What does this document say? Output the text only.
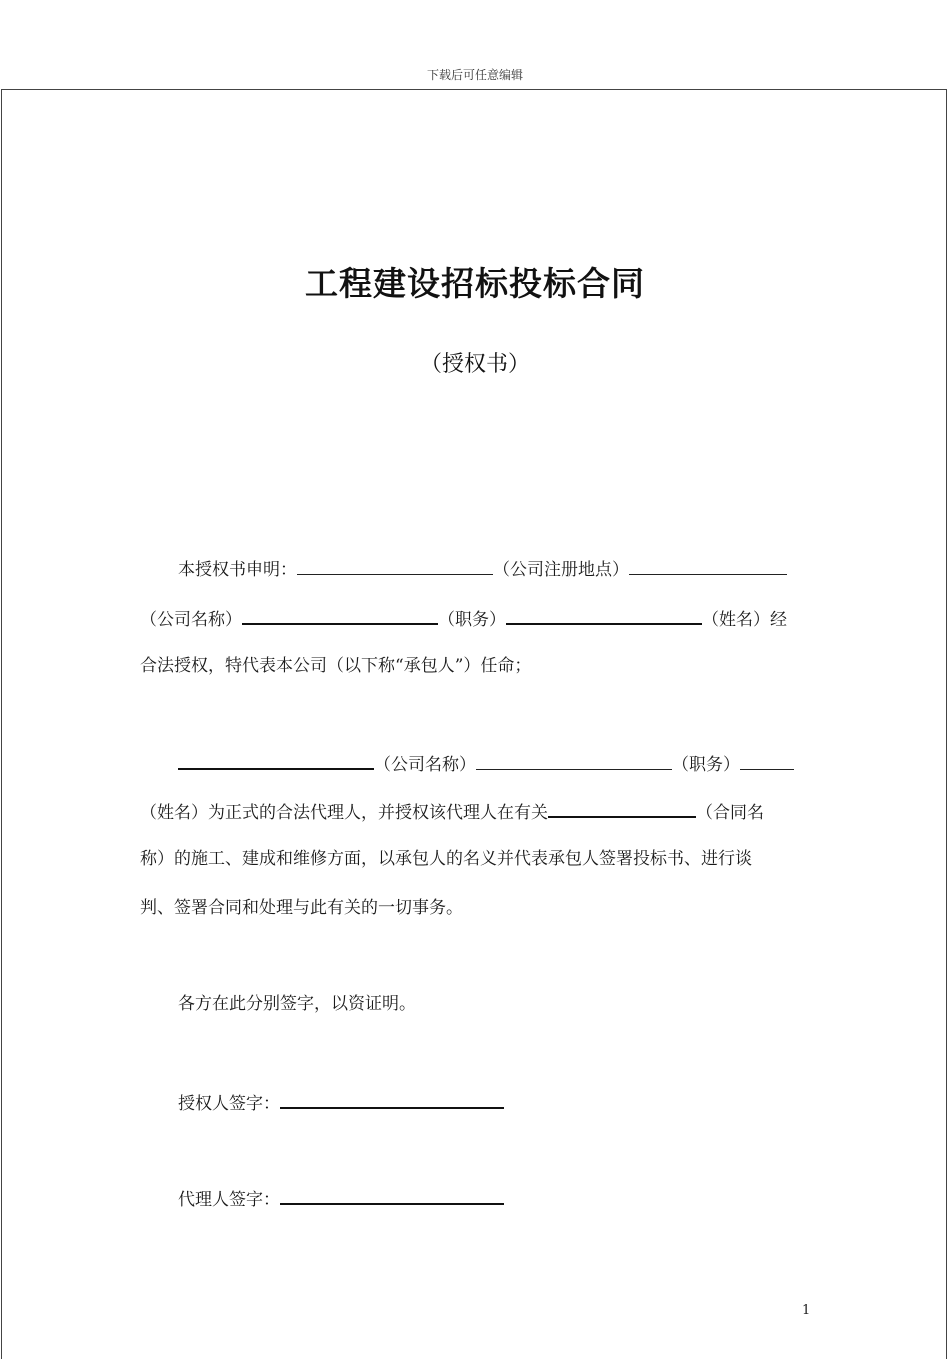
下载后可任意编辑
工程建设招标投标合同
（授权书）
本授权书申明：	（公司注册地点）
（公司名称）	（职务）	（姓名）经
合法授权，特代表本公司（以下称“承包人”）任命；
（公司名称）	（职务）
（姓名）为正式的合法代理人，并授权该代理人在有关	（合同名
称）的施工、建成和维修方面，以承包人的名义并代表承包人签署投标书、进行谈
判、签署合同和处理与此有关的一切事务。
各方在此分别签字，以资证明。
授权人签字：
代理人签字：
1
